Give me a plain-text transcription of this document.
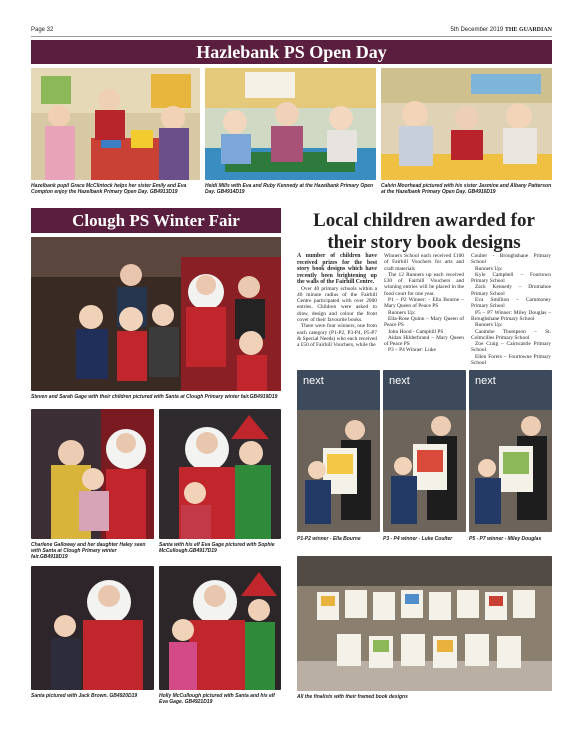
Page 32	5th December 2019 THE GUARDIAN
Hazlebank PS Open Day
Hazelbank pupil Grace McClintock helps her sister Emily and Eva Compton enjoy the Hazelbank Primary Open Day. GB4913D19
Heidi Mills with Eva and Ruby Kennedy at the Hazelbank Primary Open Day. GB4914D19
Calvin Moorhead pictured with his sister Jasmine and Albany Patterson at the Hazelbank Primary Open Day. GB4916D19
Clough PS Winter Fair
Steven and Sarah Gage with their children pictured with Santa at Clough Primary winter fair.GB4919D19
Charlene Galloway and her daughter Haley seen with Santa at Clough Primary winter fair.GB4918D19
Santa with his elf Eva Gage pictured with Sophie McCullough.GB4917D19
Santa pictured with Jack Brown. GB4920D19	Holly McCullough pictured with Santa and his elf Eva Gage. GB4921D19
Local children awarded for their story book designs

A number of children have received prizes for the best story book designs which have recently been brightening up the walls of the Fairhill Centre.

Over 40 primary schools within a 40 minute radius of the Fairhill Centre participated with over 2000 entries. Children were asked to draw, design and colour the front cover of their favourite books.

There were four winners, one from each category (P1-P2, P3-P4, P5-P7 & Special Needs) who each received a £50 of Fairhill Vouchers, while the

Winners School each received £100 of Fairhill Vouchers for arts and craft materials

The 12 Runners up each received £30 of Fairhill Vouchers and winning entries will be placed in the food court for one year.

P1 – P2 Winner: - Ella Bourne – Mary Queen of Peace PS

Runners Up:

Ella-Rose Quinn – Mary Queen of Peace PS

John Hood - Camphill PS

Aidan Hilderbrand – Mary Queen of Peace PS

P3 – P4 Winner: Luke

Coulter - Broughshane Primary School

Runners Up:

Kyle Campbell – Fourtown Primary School

Zack Kennedy – Drumahoe Primary School

Eva Smillion – Carnmoney Primary School

P5 – P7 Winner: Miley Douglas – Broughshane Primary School

Runners Up:

Caoimhe Thompson – St. Colmcilles Primary School

Zoe Craig – Cairncastle Primary School

Ellen Forers – Fourtowne Primary School

next	next	next
P1-P2 winner - Ella Bourne	P3 - P4 winner - Luke Coulter	P5 - P7 winner - Miley Douglas
All the finalists with their framed book designs
